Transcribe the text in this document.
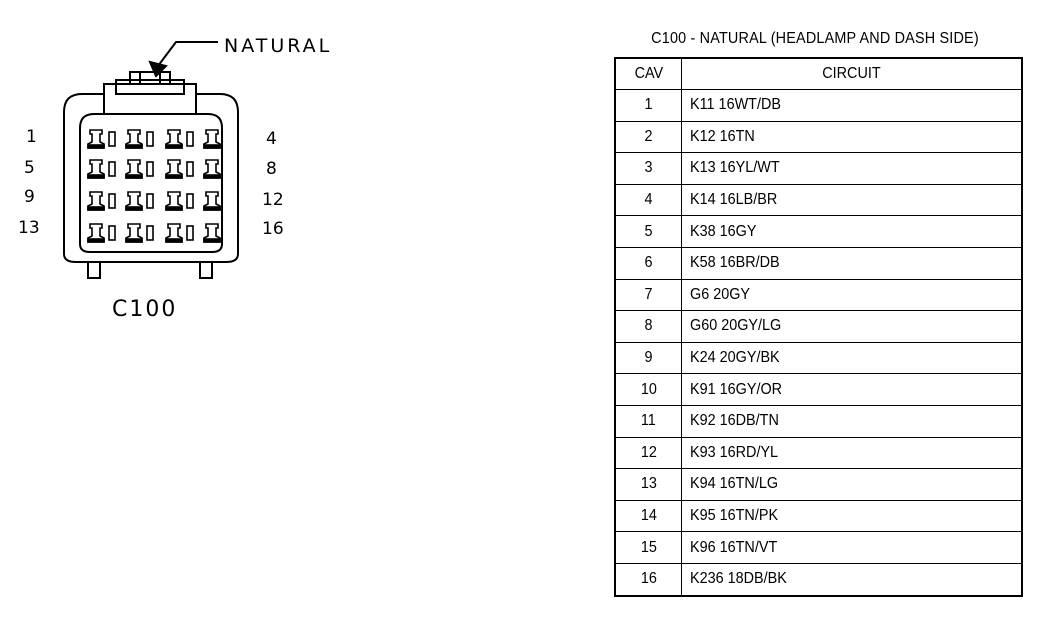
NATURAL
1
5
9
13
4
8
12
16
C100
C100 - NATURAL (HEADLAMP AND DASH SIDE)
CAV	CIRCUIT
1	K11 16WT/DB
2	K12 16TN
3	K13 16YL/WT
4	K14 16LB/BR
5	K38 16GY
6	K58 16BR/DB
7	G6 20GY
8	G60 20GY/LG
9	K24 20GY/BK
10	K91 16GY/OR
11	K92 16DB/TN
12	K93 16RD/YL
13	K94 16TN/LG
14	K95 16TN/PK
15	K96 16TN/VT
16	K236 18DB/BK
